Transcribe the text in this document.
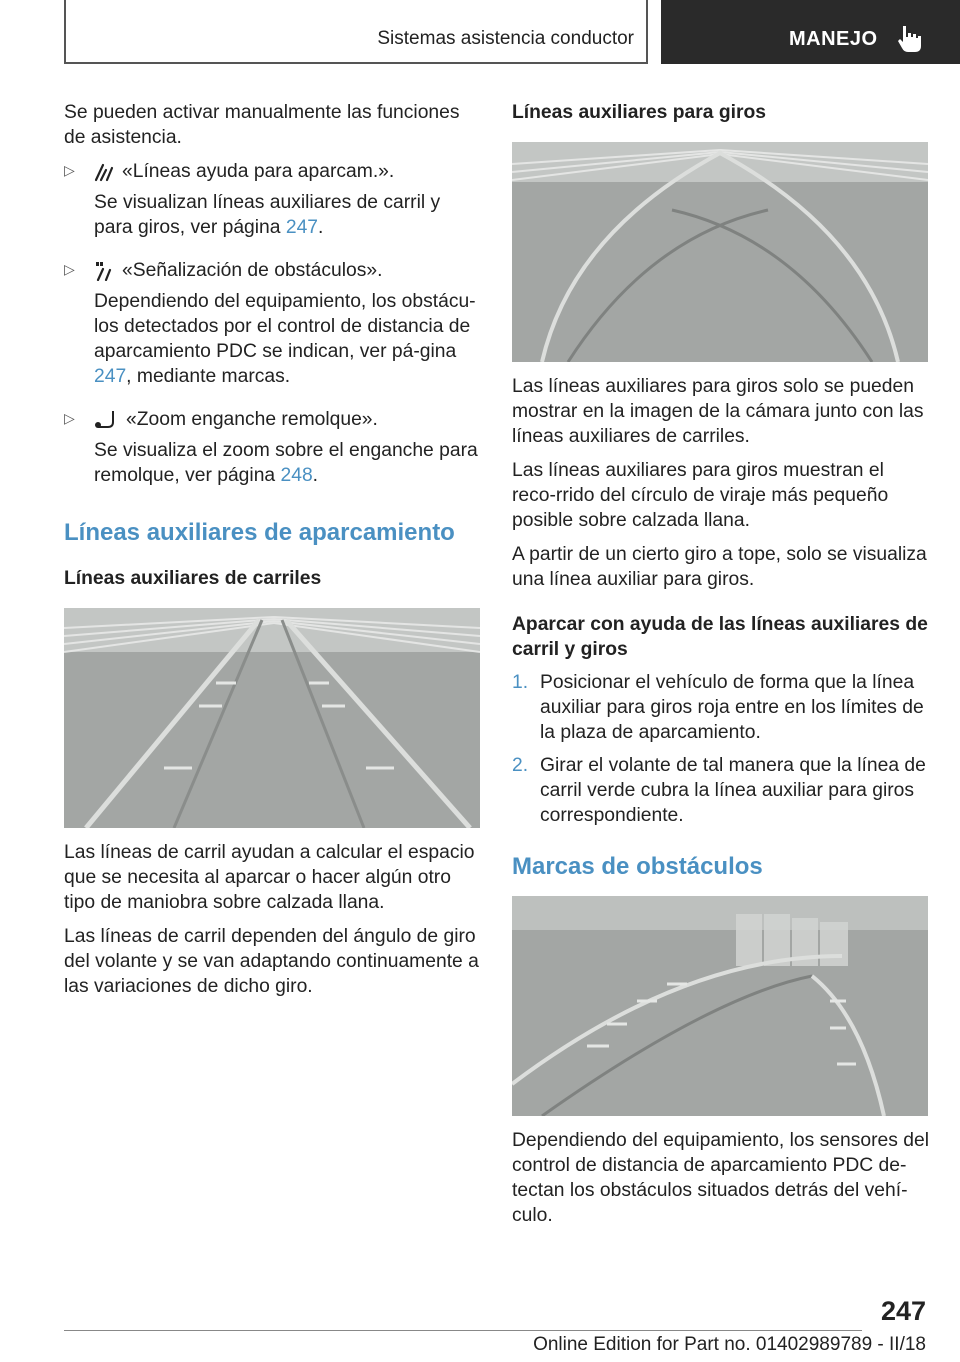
Sistemas asistencia conductor	MANEJO

Se pueden activar manualmente las funciones de asistencia.

▷ «Líneas ayuda para aparcam.».

Se visualizan líneas auxiliares de carril y para giros, ver página 247.

▷ «Señalización de obstáculos».

Dependiendo del equipamiento, los obstácu‐los detectados por el control de distancia de aparcamiento PDC se indican, ver pá‐gina 247, mediante marcas.

▷	«Zoom enganche remolque».

Se visualiza el zoom sobre el enganche para remolque, ver página 248.

Líneas auxiliares de aparcamiento
Líneas auxiliares de carriles

Las líneas de carril ayudan a calcular el espacio que se necesita al aparcar o hacer algún otro tipo de maniobra sobre calzada llana.

Las líneas de carril dependen del ángulo de giro del volante y se van adaptando continuamente a las variaciones de dicho giro.

Líneas auxiliares para giros

Las líneas auxiliares para giros solo se pueden mostrar en la imagen de la cámara junto con las líneas auxiliares de carriles.

Las líneas auxiliares para giros muestran el reco‐rrido del círculo de viraje más pequeño posible sobre calzada llana.

A partir de un cierto giro a tope, solo se visualiza una línea auxiliar para giros.

Aparcar con ayuda de las líneas auxiliares de carril y giros
1. Posicionar el vehículo de forma que la línea auxiliar para giros roja entre en los límites de la plaza de aparcamiento.

2. Girar el volante de tal manera que la línea de carril verde cubra la línea auxiliar para giros correspondiente.

Marcas de obstáculos

Dependiendo del equipamiento, los sensores del control de distancia de aparcamiento PDC de‐tectan los obstáculos situados detrás del vehí‐culo.

247
Online Edition for Part no. 01402989789 - II/18
